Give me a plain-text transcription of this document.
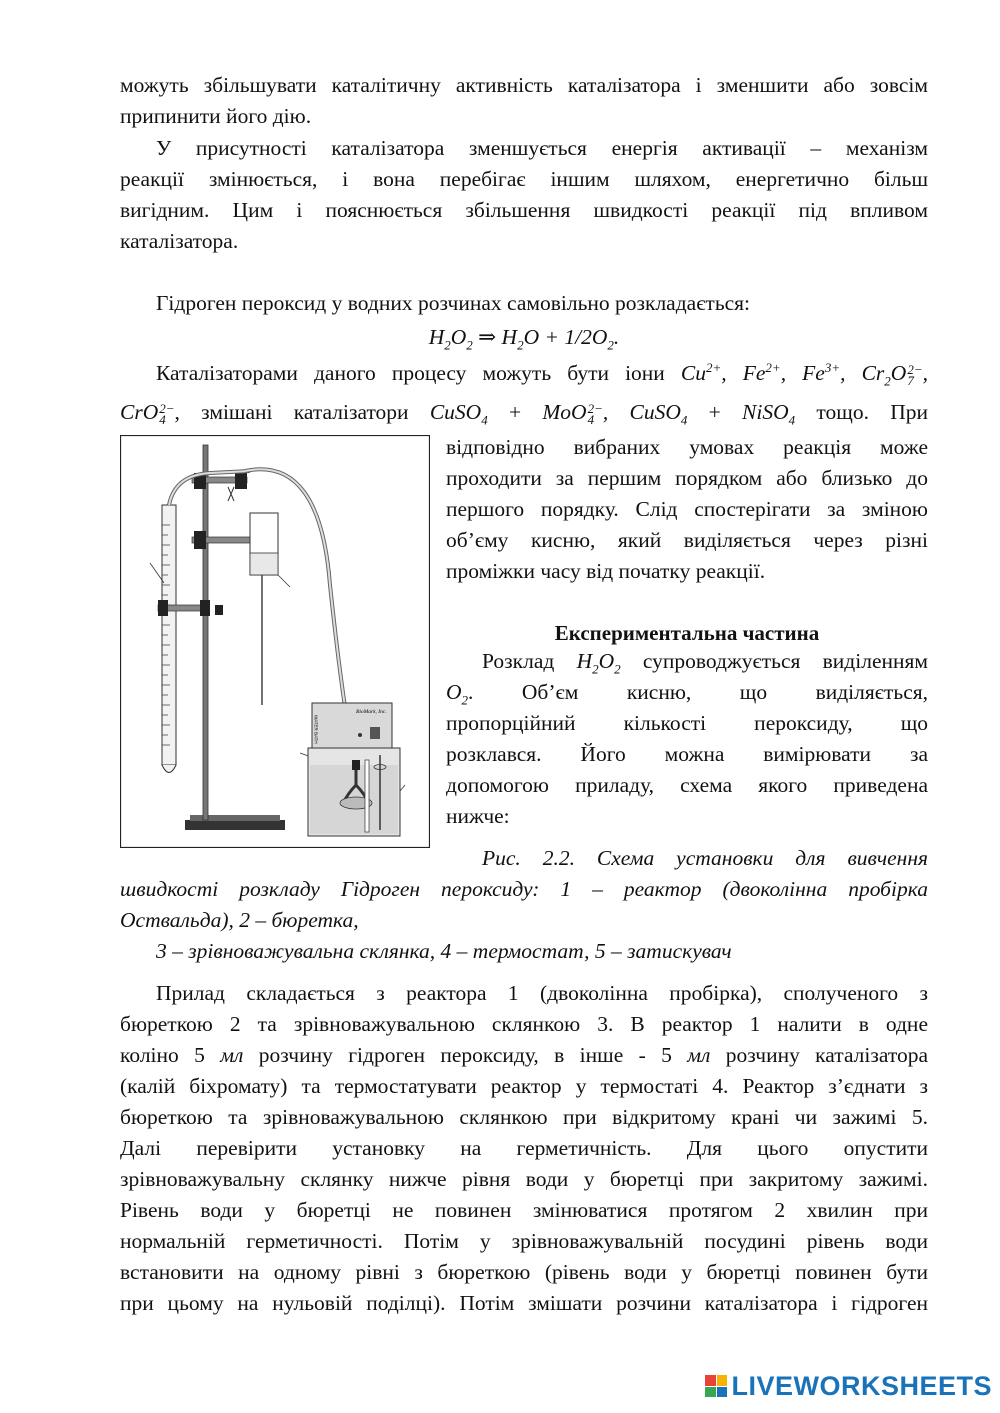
можуть збільшувати каталітичну активність каталізатора і зменшити або зовсім
припинити його дію.
У присутності каталізатора зменшується енергія активації – механізм
реакції змінюється, і вона перебігає іншим шляхом, енергетично більш
вигідним. Цим і пояснюється збільшення швидкості реакції під впливом
каталізатора.
Гідроген пероксид у водних розчинах самовільно розкладається:
$H_2O_2$ ⇒ $H_2O + 1/2O_2$.
Каталізаторами даного процесу можуть бути іони $Cu^{2+}$, $Fe^{2+}$, $Fe^{3+}$, $Cr_2O$ 2−
7 ,
CrO 2−
4 , змішані каталізатори CuSO$_4$ + MoO 2−
4 , CuSO$_4$ + NiSO$_4$ тощо. При
BioMark, Inc.
WATER BATH
відповідно вибраних умовах реакція може
проходити за першим порядком або близько до
першого порядку. Слід спостерігати за зміною
об’єму кисню, який виділяється через різні
проміжки часу від початку реакції.
Експериментальна частина
Розклад $H_2O_2$ супроводжується виділенням
$O_2$. Об’єм кисню, що виділяється,
пропорційний кількості пероксиду, що
розклався. Його можна вимірювати за
допомогою приладу, схема якого приведена
нижче:
Рис. 2.2. Схема установки для вивчення
швидкості розкладу Гідроген пероксиду: 1 – реактор (двоколінна пробірка
Оствальда), 2 – бюретка,
3 – зрівноважувальна склянка, 4 – термостат, 5 – затискувач
Прилад складається з реактора 1 (двоколінна пробірка), сполученого з
бюреткою 2 та зрівноважувальною склянкою 3. В реактор 1 налити в одне
коліно 5 мл розчину гідроген пероксиду, в інше - 5 мл розчину каталізатора
(калій біхромату) та термостатувати реактор у термостаті 4. Реактор з’єднати з
бюреткою та зрівноважувальною склянкою при відкритому крані чи зажимі 5.
Далі перевірити установку на герметичність. Для цього опустити
зрівноважувальну склянку нижче рівня води у бюретці при закритому зажимі.
Рівень води у бюретці не повинен змінюватися протягом 2 хвилин при
нормальній герметичності. Потім у зрівноважувальній посудині рівень води
встановити на одному рівні з бюреткою (рівень води у бюретці повинен бути
при цьому на нульовій поділці). Потім змішати розчини каталізатора і гідроген
LIVEWORKSHEETS
